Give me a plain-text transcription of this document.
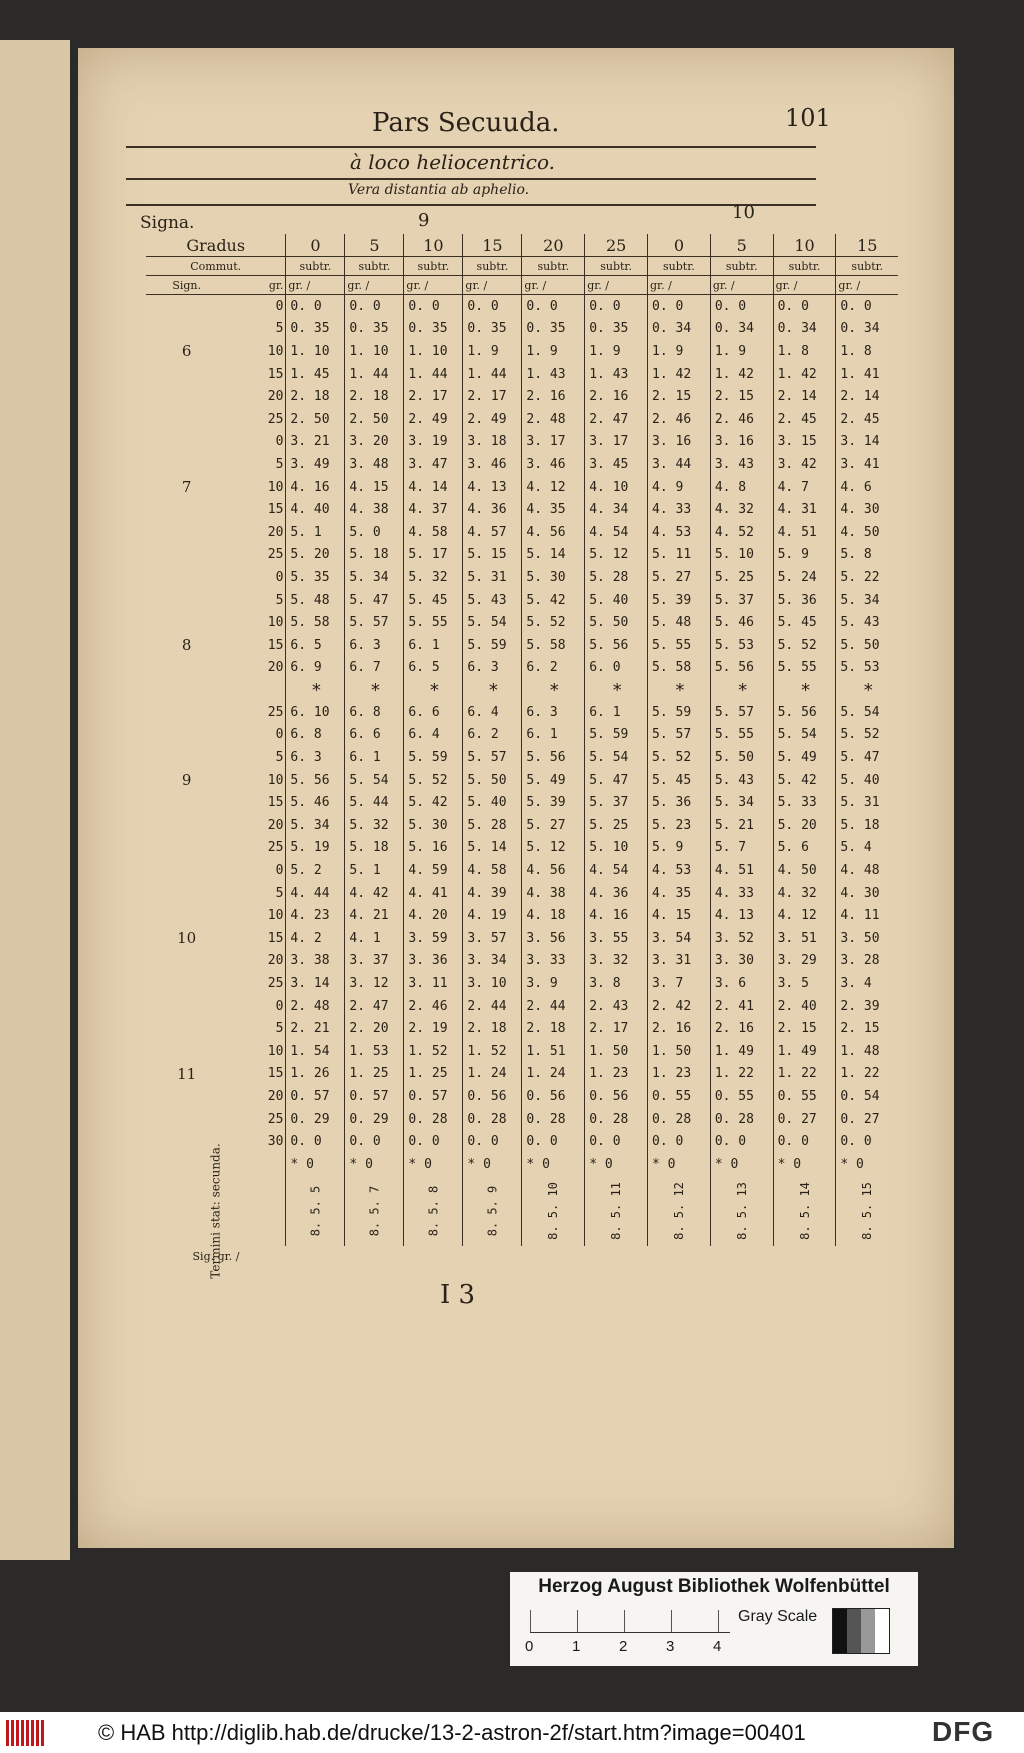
Pars Secuuda.	101
à loco heliocentrico.
Vera distantia ab aphelio.
Signa.	9	10
Gradus		0	5	10	15	20	25	0	5	10	15
Commut.		subtr.	subtr.	subtr.	subtr.	subtr.	subtr.	subtr.	subtr.	subtr.	subtr.
Sign.	gr.	gr. /	gr. /	gr. /	gr. /	gr. /	gr. /	gr. /	gr. /	gr. /	gr. /
	0	0. 0	0. 0	0. 0	0. 0	0. 0	0. 0	0. 0	0. 0	0. 0	0. 0
	5	0. 35	0. 35	0. 35	0. 35	0. 35	0. 35	0. 34	0. 34	0. 34	0. 34
6	10	1. 10	1. 10	1. 10	1. 9	1. 9	1. 9	1. 9	1. 9	1. 8	1. 8
	15	1. 45	1. 44	1. 44	1. 44	1. 43	1. 43	1. 42	1. 42	1. 42	1. 41
	20	2. 18	2. 18	2. 17	2. 17	2. 16	2. 16	2. 15	2. 15	2. 14	2. 14
	25	2. 50	2. 50	2. 49	2. 49	2. 48	2. 47	2. 46	2. 46	2. 45	2. 45
	0	3. 21	3. 20	3. 19	3. 18	3. 17	3. 17	3. 16	3. 16	3. 15	3. 14
	5	3. 49	3. 48	3. 47	3. 46	3. 46	3. 45	3. 44	3. 43	3. 42	3. 41
7	10	4. 16	4. 15	4. 14	4. 13	4. 12	4. 10	4. 9	4. 8	4. 7	4. 6
	15	4. 40	4. 38	4. 37	4. 36	4. 35	4. 34	4. 33	4. 32	4. 31	4. 30
	20	5. 1	5. 0	4. 58	4. 57	4. 56	4. 54	4. 53	4. 52	4. 51	4. 50
	25	5. 20	5. 18	5. 17	5. 15	5. 14	5. 12	5. 11	5. 10	5. 9	5. 8
	0	5. 35	5. 34	5. 32	5. 31	5. 30	5. 28	5. 27	5. 25	5. 24	5. 22
	5	5. 48	5. 47	5. 45	5. 43	5. 42	5. 40	5. 39	5. 37	5. 36	5. 34
	10	5. 58	5. 57	5. 55	5. 54	5. 52	5. 50	5. 48	5. 46	5. 45	5. 43
8	15	6. 5	6. 3	6. 1	5. 59	5. 58	5. 56	5. 55	5. 53	5. 52	5. 50
	20	6. 9	6. 7	6. 5	6. 3	6. 2	6. 0	5. 58	5. 56	5. 55	5. 53
		*	*	*	*	*	*	*	*	*	*
	25	6. 10	6. 8	6. 6	6. 4	6. 3	6. 1	5. 59	5. 57	5. 56	5. 54
	0	6. 8	6. 6	6. 4	6. 2	6. 1	5. 59	5. 57	5. 55	5. 54	5. 52
	5	6. 3	6. 1	5. 59	5. 57	5. 56	5. 54	5. 52	5. 50	5. 49	5. 47
9	10	5. 56	5. 54	5. 52	5. 50	5. 49	5. 47	5. 45	5. 43	5. 42	5. 40
	15	5. 46	5. 44	5. 42	5. 40	5. 39	5. 37	5. 36	5. 34	5. 33	5. 31
	20	5. 34	5. 32	5. 30	5. 28	5. 27	5. 25	5. 23	5. 21	5. 20	5. 18
	25	5. 19	5. 18	5. 16	5. 14	5. 12	5. 10	5. 9	5. 7	5. 6	5. 4
	0	5. 2	5. 1	4. 59	4. 58	4. 56	4. 54	4. 53	4. 51	4. 50	4. 48
	5	4. 44	4. 42	4. 41	4. 39	4. 38	4. 36	4. 35	4. 33	4. 32	4. 30
	10	4. 23	4. 21	4. 20	4. 19	4. 18	4. 16	4. 15	4. 13	4. 12	4. 11
10	15	4. 2	4. 1	3. 59	3. 57	3. 56	3. 55	3. 54	3. 52	3. 51	3. 50
	20	3. 38	3. 37	3. 36	3. 34	3. 33	3. 32	3. 31	3. 30	3. 29	3. 28
	25	3. 14	3. 12	3. 11	3. 10	3. 9	3. 8	3. 7	3. 6	3. 5	3. 4
	0	2. 48	2. 47	2. 46	2. 44	2. 44	2. 43	2. 42	2. 41	2. 40	2. 39
	5	2. 21	2. 20	2. 19	2. 18	2. 18	2. 17	2. 16	2. 16	2. 15	2. 15
	10	1. 54	1. 53	1. 52	1. 52	1. 51	1. 50	1. 50	1. 49	1. 49	1. 48
11	15	1. 26	1. 25	1. 25	1. 24	1. 24	1. 23	1. 23	1. 22	1. 22	1. 22
	20	0. 57	0. 57	0. 57	0. 56	0. 56	0. 56	0. 55	0. 55	0. 55	0. 54
	25	0. 29	0. 29	0. 28	0. 28	0. 28	0. 28	0. 28	0. 28	0. 27	0. 27
	30	0. 0	0. 0	0. 0	0. 0	0. 0	0. 0	0. 0	0. 0	0. 0	0. 0
		* 0	* 0	* 0	* 0	* 0	* 0	* 0	* 0	* 0	* 0
Termini stat: secunda.		8. 5. 5	8. 5. 7	8. 5. 8	8. 5. 9	8. 5. 10	8. 5. 11	8. 5. 12	8. 5. 13	8. 5. 14	8. 5. 15
Sig. gr. /											
I 3
Herzog August Bibliothek Wolfenbüttel
0	1	2	3	4
Gray Scale
© HAB http://diglib.hab.de/drucke/13-2-astron-2f/start.htm?image=00401	DFG
